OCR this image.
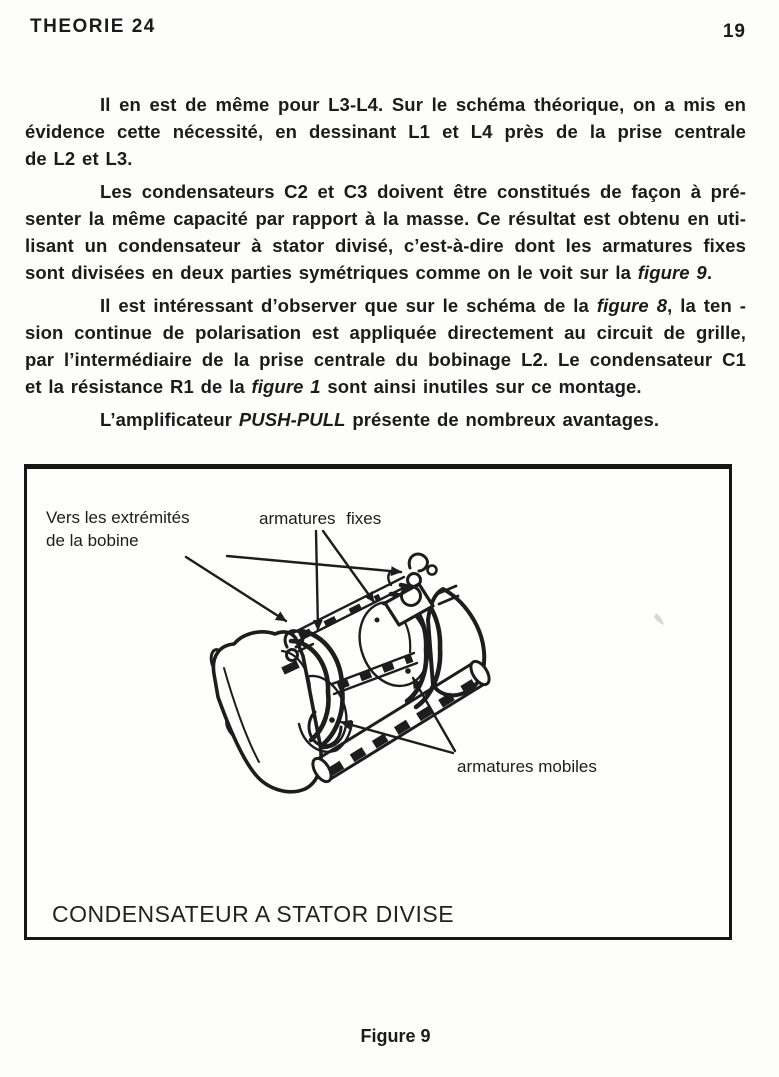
THEORIE 24	19
Il en est de même pour L3-L4. Sur le schéma théorique, on a mis en
évidence cette nécessité, en dessinant L1 et L4 près de la prise centrale
de L2 et L3.
Les condensateurs C2 et C3 doivent être constitués de façon à pré-
senter la même capacité par rapport à la masse. Ce résultat est obtenu en uti-
lisant un condensateur à stator divisé, c’est-à-dire dont les armatures fixes
sont divisées en deux parties symétriques comme on le voit sur la figure 9.
Il est intéressant d’observer que sur le schéma de la figure 8, la ten -
sion continue de polarisation est appliquée directement au circuit de grille,
par l’intermédiaire de la prise centrale du bobinage L2. Le condensateur C1
et la résistance R1 de la figure 1 sont ainsi inutiles sur ce montage.
L’amplificateur PUSH-PULL présente de nombreux avantages.
Vers les extrémités
de la bobine
armatures fixes
armatures mobiles
CONDENSATEUR A STATOR DIVISE
Figure 9
